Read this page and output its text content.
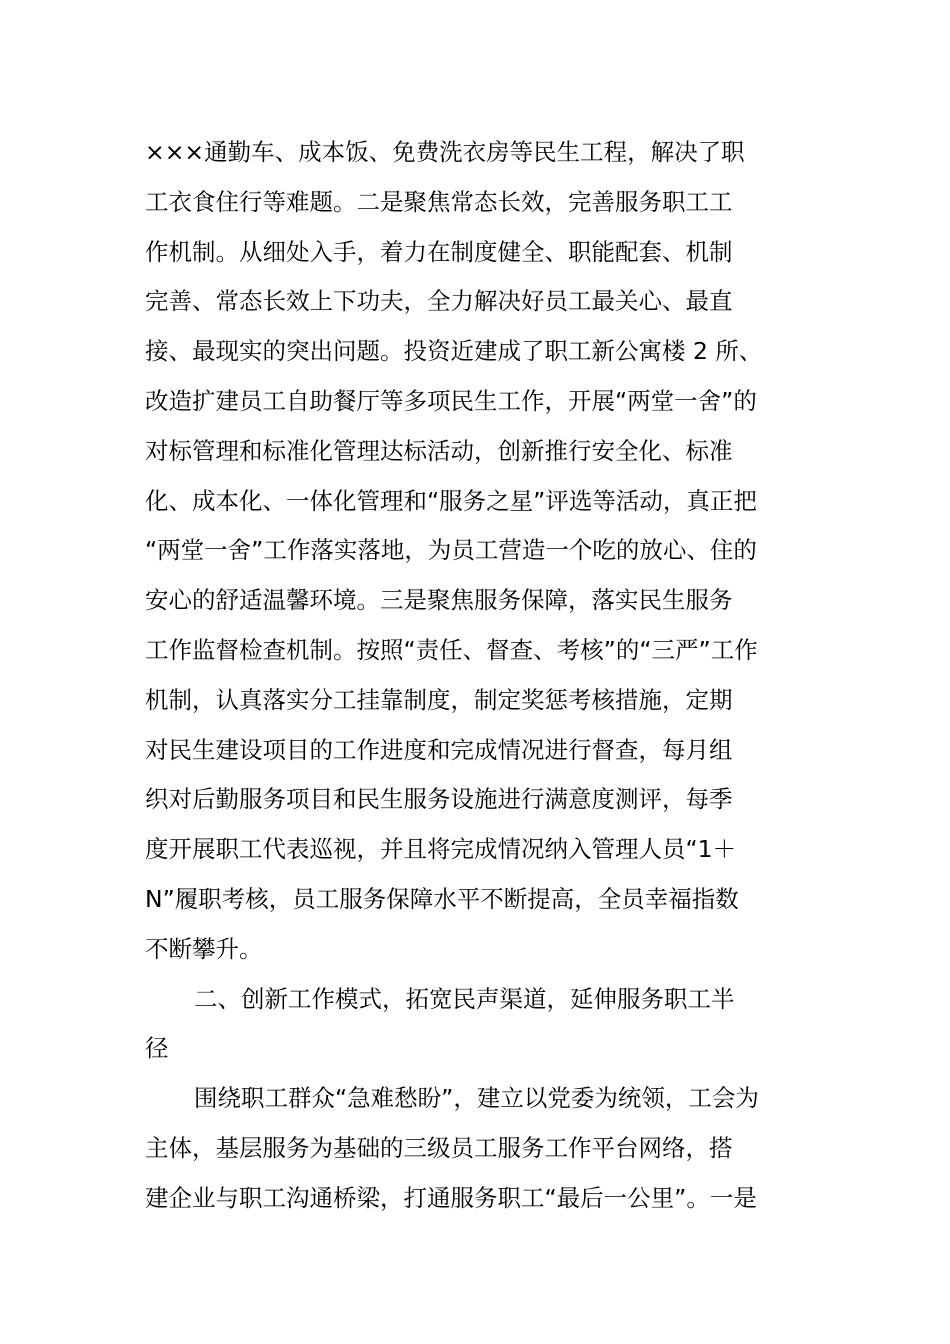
×××通勤车、成本饭、免费洗衣房等民生工程，解决了职
工衣食住行等难题。二是聚焦常态长效，完善服务职工工
作机制。从细处入手，着力在制度健全、职能配套、机制
完善、常态长效上下功夫，全力解决好员工最关心、最直
接、最现实的突出问题。投资近建成了职工新公寓楼 2 所、
改造扩建员工自助餐厅等多项民生工作，开展“两堂一舍”的
对标管理和标准化管理达标活动，创新推行安全化、标准
化、成本化、一体化管理和“服务之星”评选等活动，真正把
“两堂一舍”工作落实落地，为员工营造一个吃的放心、住的
安心的舒适温馨环境。三是聚焦服务保障，落实民生服务
工作监督检查机制。按照“责任、督查、考核”的“三严”工作
机制，认真落实分工挂靠制度，制定奖惩考核措施，定期
对民生建设项目的工作进度和完成情况进行督查，每月组
织对后勤服务项目和民生服务设施进行满意度测评，每季
度开展职工代表巡视，并且将完成情况纳入管理人员“1＋
N”履职考核，员工服务保障水平不断提高，全员幸福指数
不断攀升。
二、创新工作模式，拓宽民声渠道，延伸服务职工半
径
围绕职工群众“急难愁盼”，建立以党委为统领，工会为
主体，基层服务为基础的三级员工服务工作平台网络，搭
建企业与职工沟通桥梁，打通服务职工“最后一公里”。一是
